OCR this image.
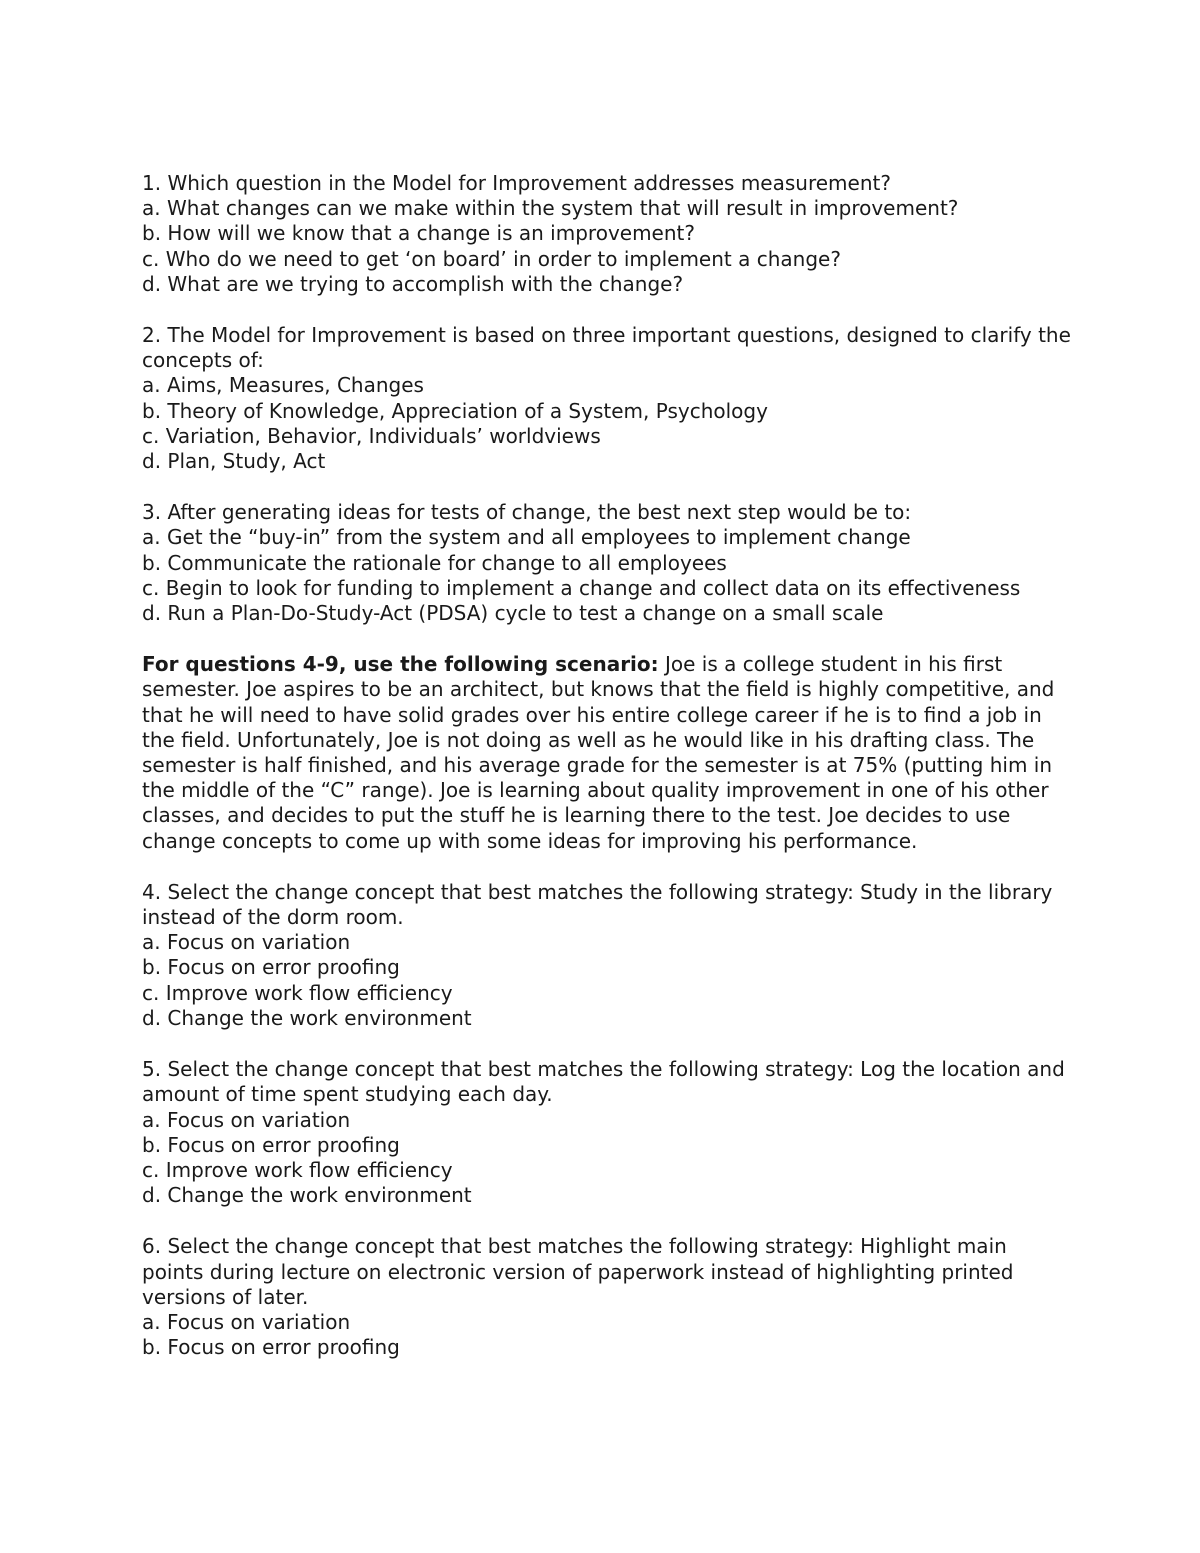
1. Which question in the Model for Improvement addresses measurement?
a. What changes can we make within the system that will result in improvement?
b. How will we know that a change is an improvement?
c. Who do we need to get ‘on board’ in order to implement a change?
d. What are we trying to accomplish with the change?
2. The Model for Improvement is based on three important questions, designed to clarify the concepts of:
a. Aims, Measures, Changes
b. Theory of Knowledge, Appreciation of a System, Psychology
c. Variation, Behavior, Individuals’ worldviews
d. Plan, Study, Act
3. After generating ideas for tests of change, the best next step would be to:
a. Get the “buy-in” from the system and all employees to implement change
b. Communicate the rationale for change to all employees
c. Begin to look for funding to implement a change and collect data on its effectiveness
d. Run a Plan-Do-Study-Act (PDSA) cycle to test a change on a small scale
For questions 4-9, use the following scenario: Joe is a college student in his first semester. Joe aspires to be an architect, but knows that the field is highly competitive, and that he will need to have solid grades over his entire college career if he is to find a job in the field. Unfortunately, Joe is not doing as well as he would like in his drafting class. The semester is half finished, and his average grade for the semester is at 75% (putting him in the middle of the “C” range). Joe is learning about quality improvement in one of his other classes, and decides to put the stuff he is learning there to the test. Joe decides to use change concepts to come up with some ideas for improving his performance.
4. Select the change concept that best matches the following strategy: Study in the library instead of the dorm room.
a. Focus on variation
b. Focus on error proofing
c. Improve work flow efficiency
d. Change the work environment
5. Select the change concept that best matches the following strategy: Log the location and amount of time spent studying each day.
a. Focus on variation
b. Focus on error proofing
c. Improve work flow efficiency
d. Change the work environment
6. Select the change concept that best matches the following strategy: Highlight main points during lecture on electronic version of paperwork instead of highlighting printed versions of later.
a. Focus on variation
b. Focus on error proofing
